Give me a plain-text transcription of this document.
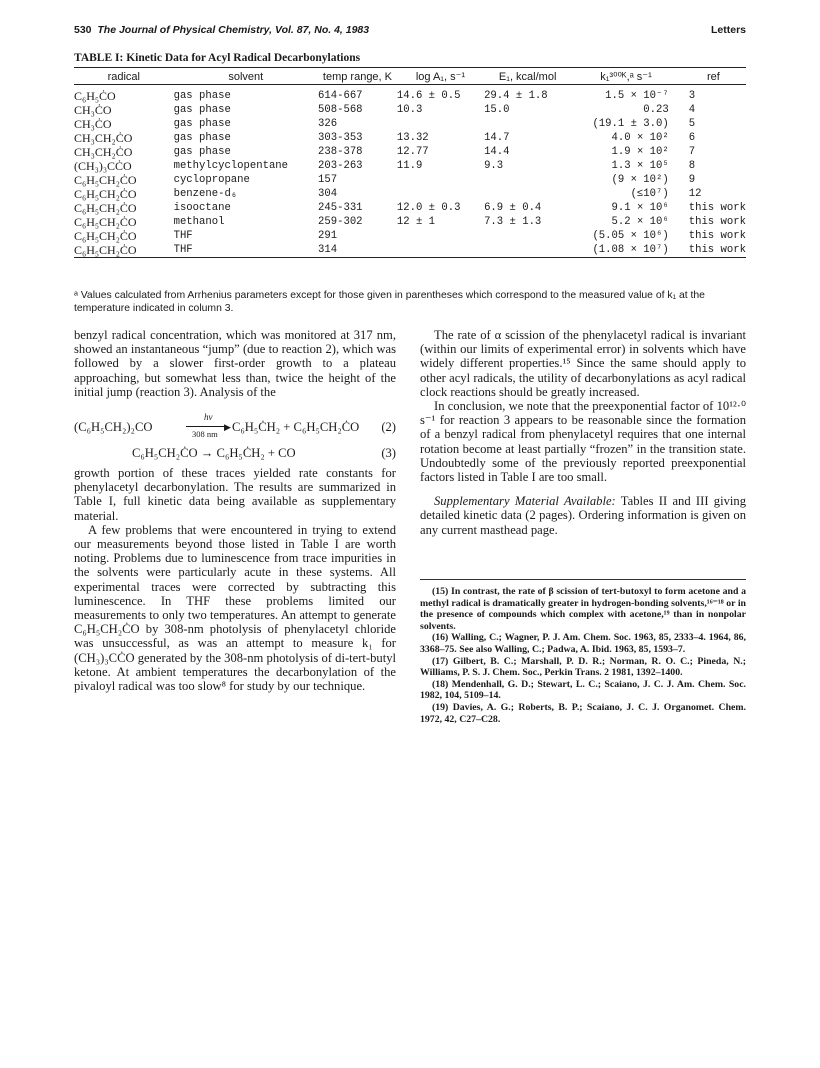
530 The Journal of Physical Chemistry, Vol. 87, No. 4, 1983	Letters
TABLE I: Kinetic Data for Acyl Radical Decarbonylations
radical	solvent	temp range, K	log A₁, s⁻¹	E₁, kcal/mol	k₁³⁰⁰ᴷ,ᵃ s⁻¹	ref
C₆H₅ĊO	gas phase	614-667	14.6 ± 0.5	29.4 ± 1.8	1.5 × 10⁻⁷	3
CH₃ĊO	gas phase	508-568	10.3	15.0	0.23	4
CH₃ĊO	gas phase	326			(19.1 ± 3.0)	5
CH₃CH₂ĊO	gas phase	303-353	13.32	14.7	4.0 × 10²	6
CH₃CH₂ĊO	gas phase	238-378	12.77	14.4	1.9 × 10²	7
(CH₃)₃CĊO	methylcyclopentane	203-263	11.9	9.3	1.3 × 10⁵	8
C₆H₅CH₂ĊO	cyclopropane	157			(9 × 10²)	9
C₆H₅CH₂ĊO	benzene-d₆	304			(≤10⁷)	12
C₆H₅CH₂ĊO	isooctane	245-331	12.0 ± 0.3	6.9 ± 0.4	9.1 × 10⁶	this work
C₆H₅CH₂ĊO	methanol	259-302	12 ± 1	7.3 ± 1.3	5.2 × 10⁶	this work
C₆H₅CH₂ĊO	THF	291			(5.05 × 10⁶)	this work
C₆H₅CH₂ĊO	THF	314			(1.08 × 10⁷)	this work
ᵃ Values calculated from Arrhenius parameters except for those given in parentheses which correspond to the measured value of k₁ at the temperature indicated in column 3.

benzyl radical concentration, which was monitored at 317 nm, showed an instantaneous “jump” (due to reaction 2), which was followed by a slower first-order growth to a plateau approaching, but somewhat less than, twice the height of the initial jump (reaction 3). Analysis of the

(C₆H₅CH₂)₂CO
hν
▶
308 nm C₆H₅ĊH₂ + C₆H₅CH₂ĊO (2)
C₆H₅CH₂ĊO → C₆H₅ĊH₂ + CO	(3)

growth portion of these traces yielded rate constants for phenylacetyl decarbonylation. The results are summarized in Table I, full kinetic data being available as supplementary material.

A few problems that were encountered in trying to extend our measurements beyond those listed in Table I are worth noting. Problems due to luminescence from trace impurities in the solvents were particularly acute in these systems. All experimental traces were corrected by subtracting this luminescence. In THF these problems limited our measurements to only two temperatures. An attempt to generate C₆H₅CH₂ĊO by 308-nm photolysis of phenylacetyl chloride was unsuccessful, as was an attempt to measure k₁ for (CH₃)₃CĊO generated by the 308-nm photolysis of di-tert-butyl ketone. At ambient temperatures the decarbonylation of the pivaloyl radical was too slow⁸ for study by our technique.

The rate of α scission of the phenylacetyl radical is invariant (within our limits of experimental error) in solvents which have widely different properties.¹⁵ Since the same should apply to other acyl radicals, the utility of decarbonylations as acyl radical clock reactions should be greatly increased.

In conclusion, we note that the preexponential factor of 10¹²·⁰ s⁻¹ for reaction 3 appears to be reasonable since the formation of a benzyl radical from phenylacetyl requires that one internal rotation become at least partially “frozen” in the transition state. Undoubtedly some of the previously reported preexponential factors listed in Table I are too small.

Supplementary Material Available: Tables II and III giving detailed kinetic data (2 pages). Ordering information is given on any current masthead page.

(15) In contrast, the rate of β scission of tert-butoxyl to form acetone and a methyl radical is dramatically greater in hydrogen-bonding solvents,¹⁶⁻¹⁸ or in the presence of compounds which complex with acetone,¹⁹ than in nonpolar solvents.

(16) Walling, C.; Wagner, P. J. Am. Chem. Soc. 1963, 85, 2333–4. 1964, 86, 3368–75. See also Walling, C.; Padwa, A. Ibid. 1963, 85, 1593–7.

(17) Gilbert, B. C.; Marshall, P. D. R.; Norman, R. O. C.; Pineda, N.; Williams, P. S. J. Chem. Soc., Perkin Trans. 2 1981, 1392–1400.

(18) Mendenhall, G. D.; Stewart, L. C.; Scaiano, J. C. J. Am. Chem. Soc. 1982, 104, 5109–14.

(19) Davies, A. G.; Roberts, B. P.; Scaiano, J. C. J. Organomet. Chem. 1972, 42, C27–C28.
